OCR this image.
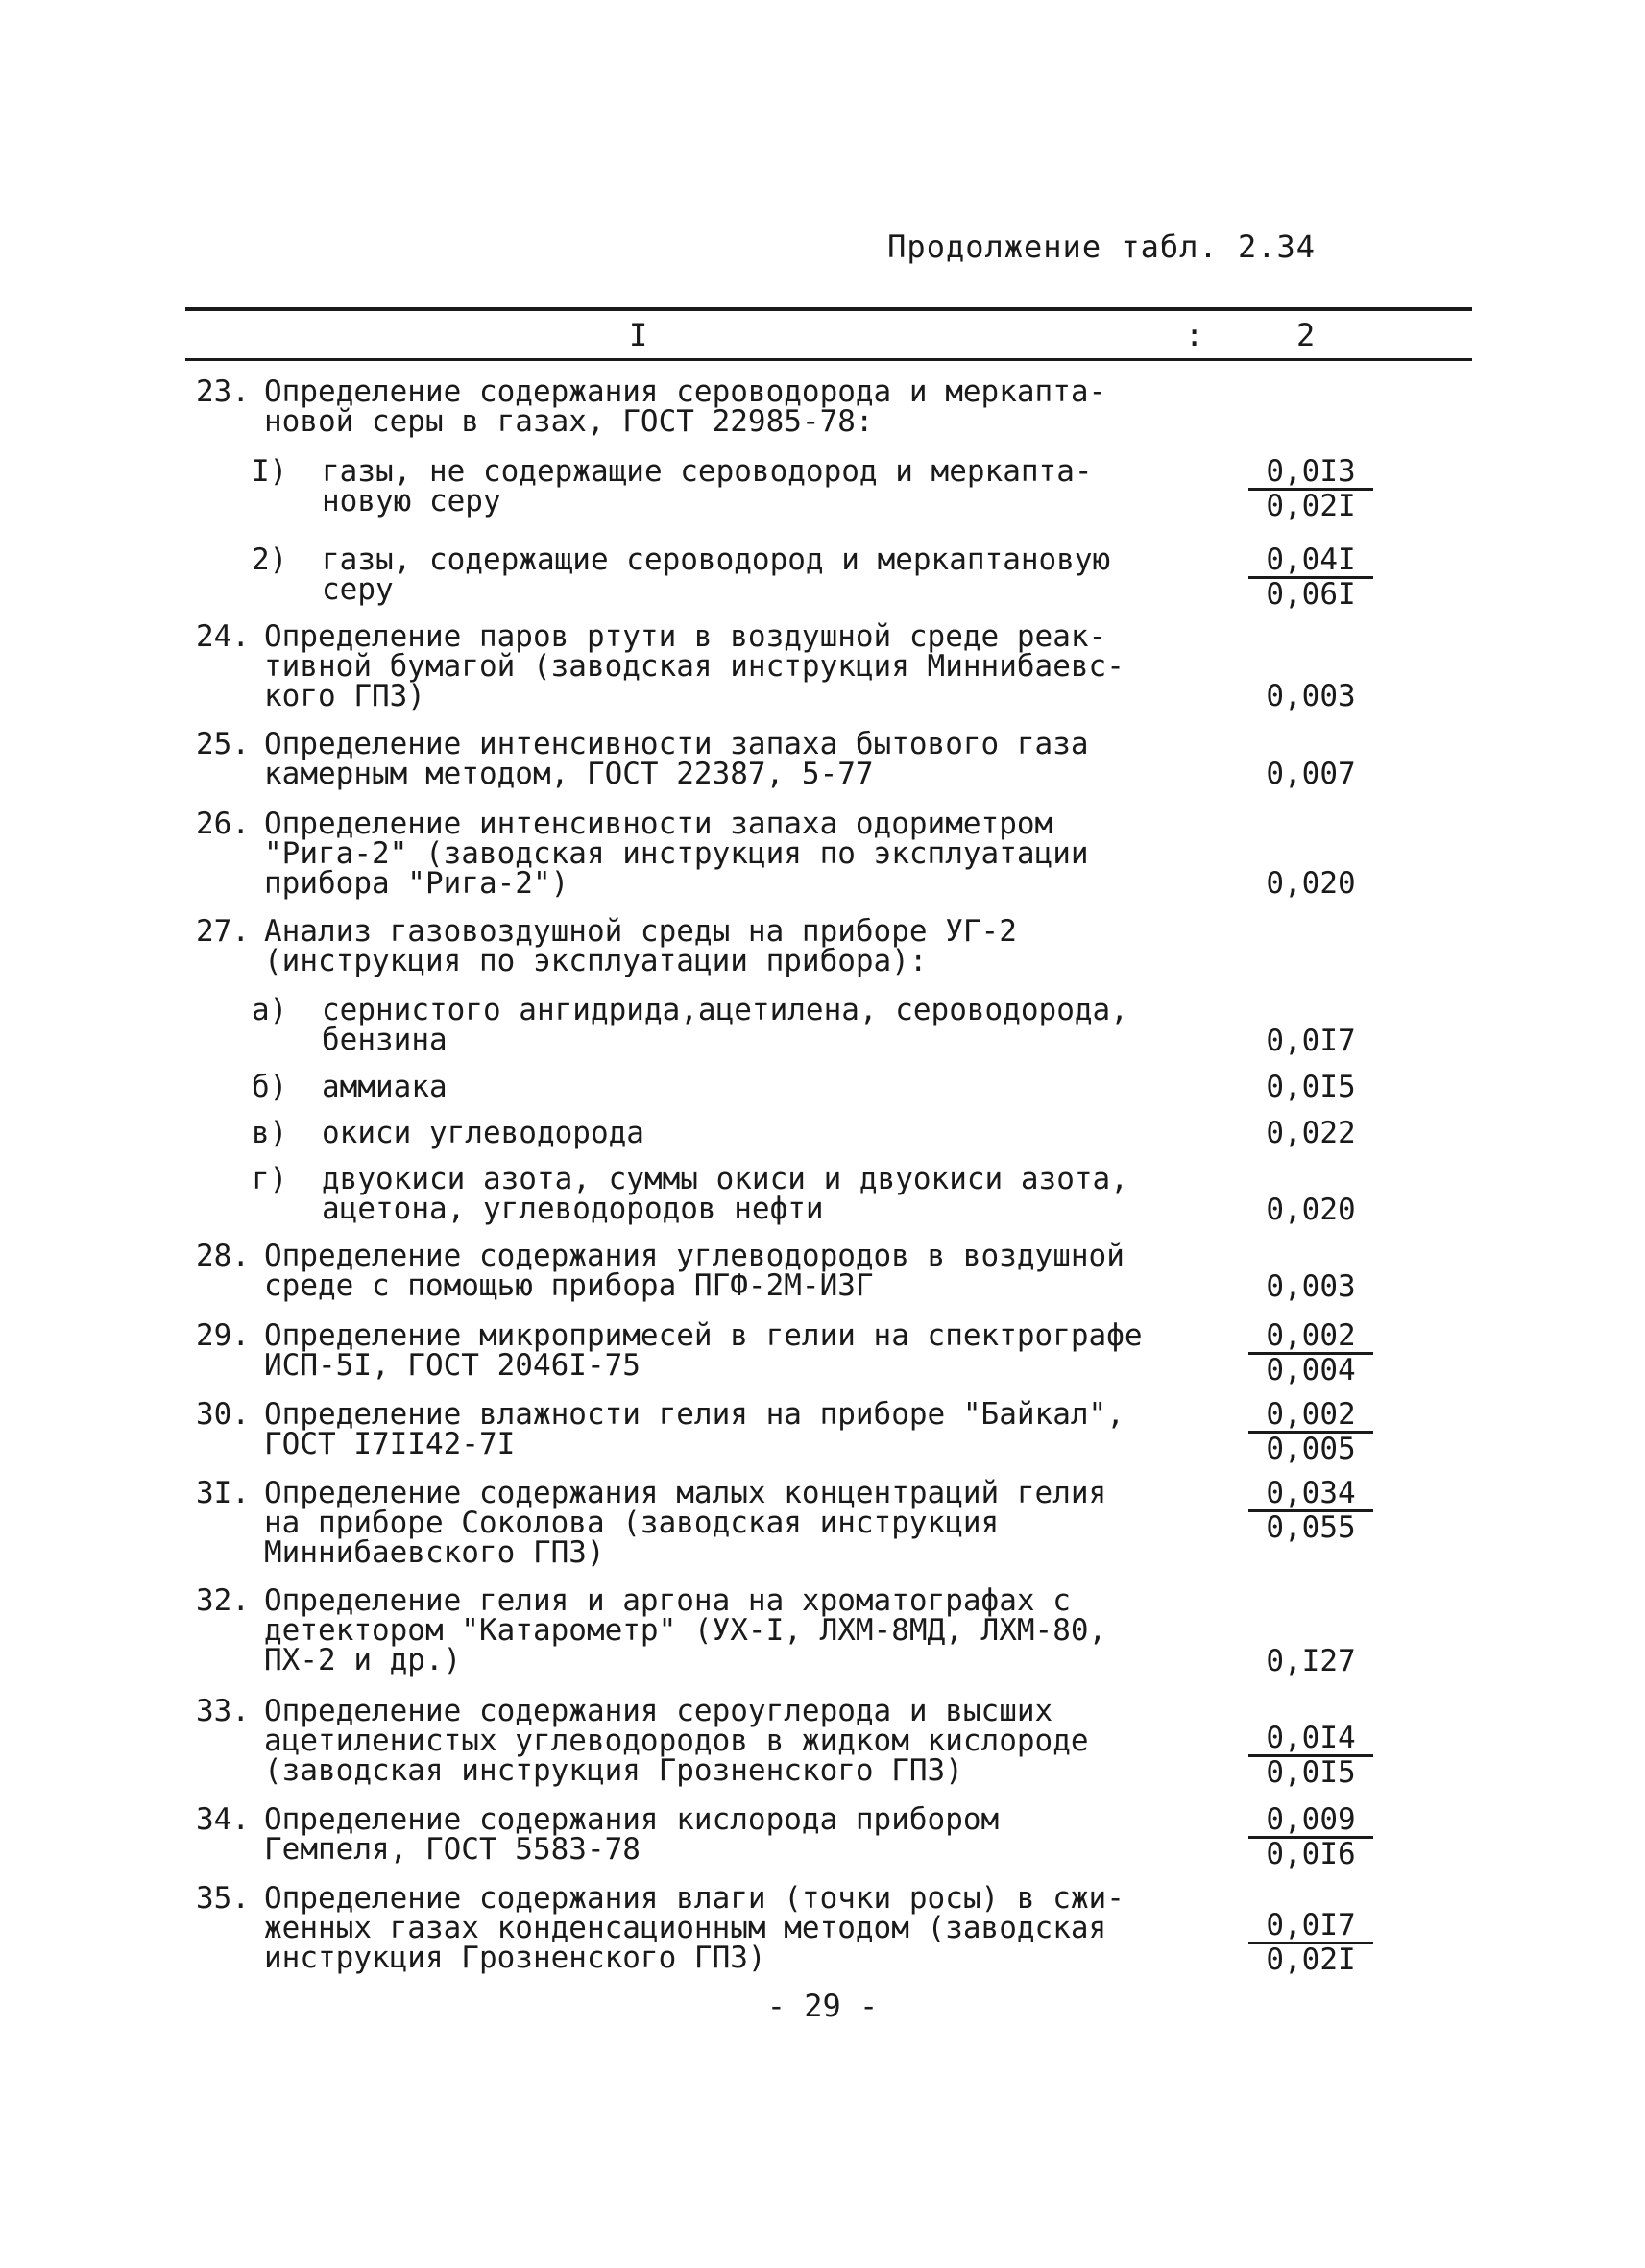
Продолжение табл. 2.34
I	:	2
23. Определение содержания сероводорода и меркапта-
новой серы в газах, ГОСТ 22985-78:
I)	газы, не содержащие сероводород и меркапта-
новую серу	$\frac{0,0I3}{0,02I}$
2)	газы, содержащие сероводород и меркаптановую
серу	$\frac{0,04I}{0,06I}$
24. Определение паров ртути в воздушной среде реак-
тивной бумагой (заводская инструкция Миннибаевс-
кого ГПЗ)	0,003
25. Определение интенсивности запаха бытового газа
камерным методом, ГОСТ 22387, 5-77	0,007
26. Определение интенсивности запаха одориметром
"Рига-2" (заводская инструкция по эксплуатации
прибора "Рига-2")	0,020
27. Анализ газовоздушной среды на приборе УГ-2
(инструкция по эксплуатации прибора):
а)	сернистого ангидрида,ацетилена, сероводорода,
бензина	0,0I7
б)	аммиака	0,0I5
в)	окиси углеводорода	0,022
г)	двуокиси азота, суммы окиси и двуокиси азота,
ацетона, углеводородов нефти	0,020
28. Определение содержания углеводородов в воздушной
среде с помощью прибора ПГФ-2М-ИЗГ	0,003
29. Определение микропримесей в гелии на спектрографе
ИСП-5I, ГОСТ 2046I-75	$\frac{0,002}{0,004}$
30. Определение влажности гелия на приборе "Байкал",
ГОСТ I7II42-7I	$\frac{0,002}{0,005}$
3I. Определение содержания малых концентраций гелия
на приборе Соколова (заводская инструкция
Миннибаевского ГПЗ)
$\frac{0,034}{0,055}$
32. Определение гелия и аргона на хроматографах с
детектором "Катарометр" (УХ-I, ЛХМ-8МД, ЛХМ-80,
ПХ-2 и др.)	0,I27
33. Определение содержания сероуглерода и высших
ацетиленистых углеводородов в жидком кислороде
(заводская инструкция Грозненского ГПЗ)	$\frac{0,0I4}{0,0I5}$
34. Определение содержания кислорода прибором
Гемпеля, ГОСТ 5583-78	$\frac{0,009}{0,0I6}$
35. Определение содержания влаги (точки росы) в сжи-
женных газах конденсационным методом (заводская
инструкция Грозненского ГПЗ)	$\frac{0,0I7}{0,02I}$
- 29 -
